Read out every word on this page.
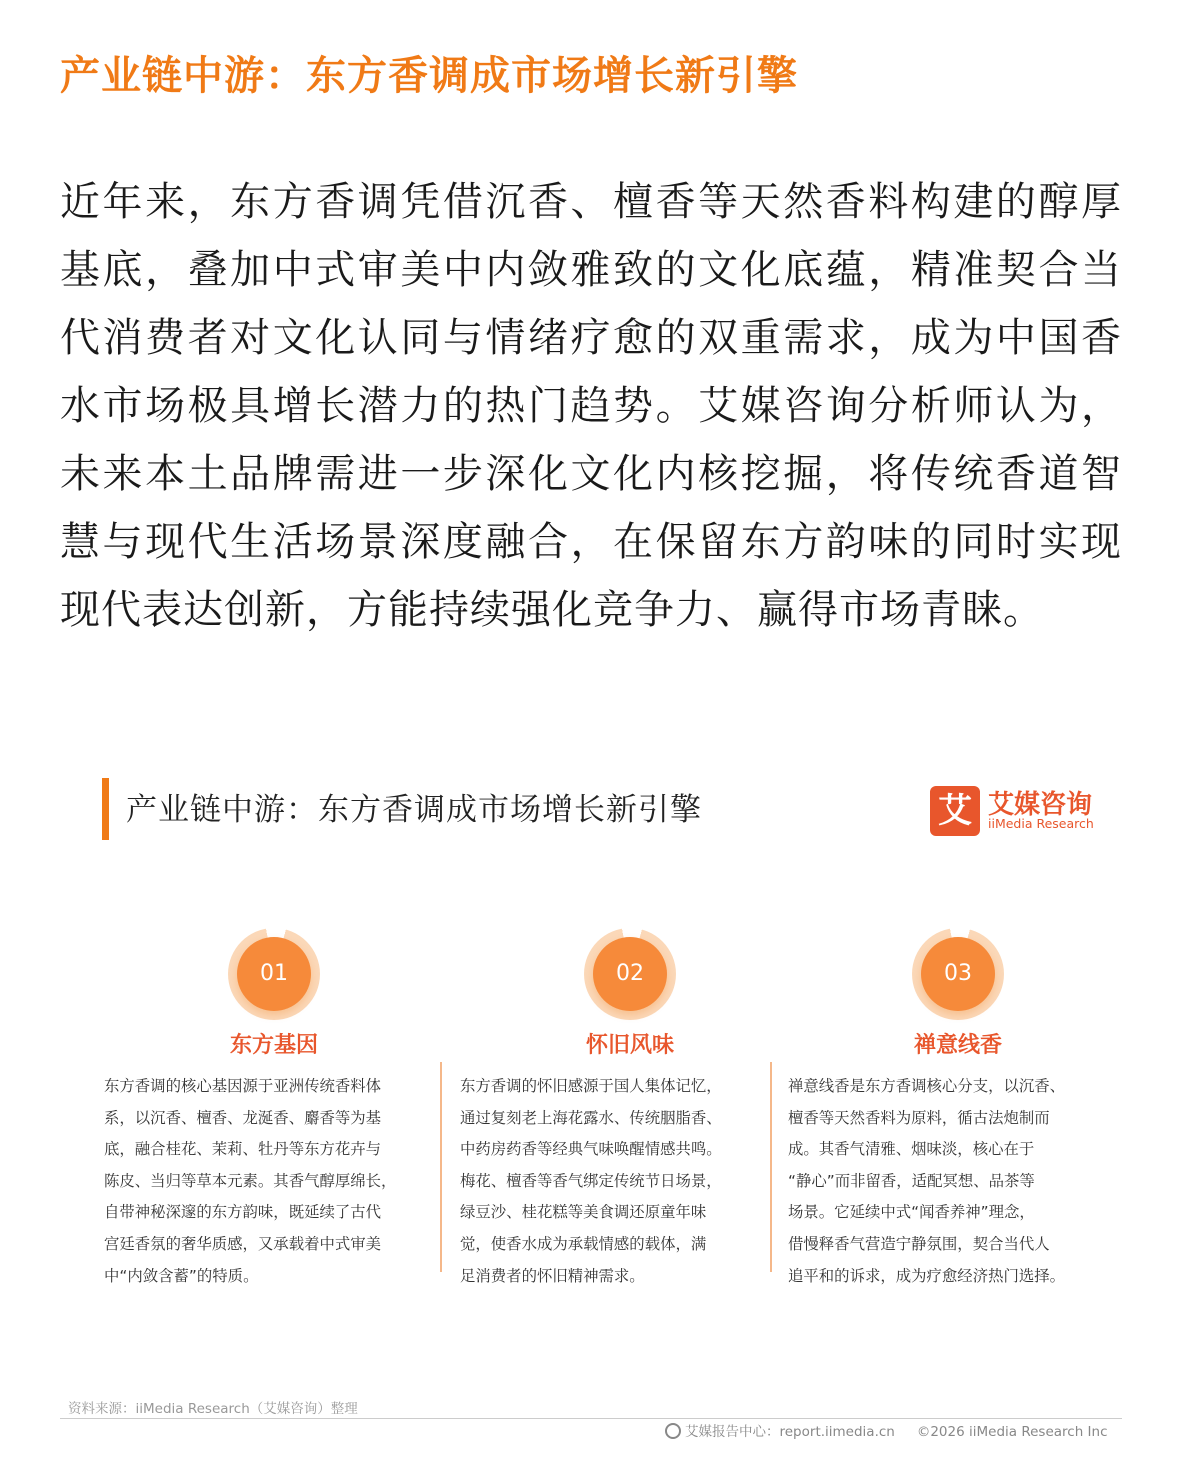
产业链中游：东方香调成市场增长新引擎
近年来，东方香调凭借沉香、檀香等天然香料构建的醇厚基底，叠加中式审美中内敛雅致的文化底蕴，精准契合当代消费者对文化认同与情绪疗愈的双重需求，成为中国香水市场极具增长潜力的热门趋势。艾媒咨询分析师认为，未来本土品牌需进一步深化文化内核挖掘，将传统香道智慧与现代生活场景深度融合，在保留东方韵味的同时实现现代表达创新，方能持续强化竞争力、赢得市场青睐。
产业链中游：东方香调成市场增长新引擎	艾 艾媒咨询
iiMedia Research
01
东方基因
东方香调的核心基因源于亚洲传统香料体
系，以沉香、檀香、龙涎香、麝香等为基
底，融合桂花、茉莉、牡丹等东方花卉与
陈皮、当归等草本元素。其香气醇厚绵长，
自带神秘深邃的东方韵味，既延续了古代
宫廷香氛的奢华质感，又承载着中式审美
中“内敛含蓄”的特质。
02
怀旧风味
东方香调的怀旧感源于国人集体记忆，
通过复刻老上海花露水、传统胭脂香、
中药房药香等经典气味唤醒情感共鸣。
梅花、檀香等香气绑定传统节日场景，
绿豆沙、桂花糕等美食调还原童年味
觉，使香水成为承载情感的载体，满
足消费者的怀旧精神需求。
03
禅意线香
禅意线香是东方香调核心分支，以沉香、
檀香等天然香料为原料，循古法炮制而
成。其香气清雅、烟味淡，核心在于
“静心”而非留香，适配冥想、品茶等
场景。它延续中式“闻香养神”理念，
借慢释香气营造宁静氛围，契合当代人
追平和的诉求，成为疗愈经济热门选择。
资料来源：iiMedia Research（艾媒咨询）整理
艾媒报告中心：report.iimedia.cn ©2026 iiMedia Research Inc
